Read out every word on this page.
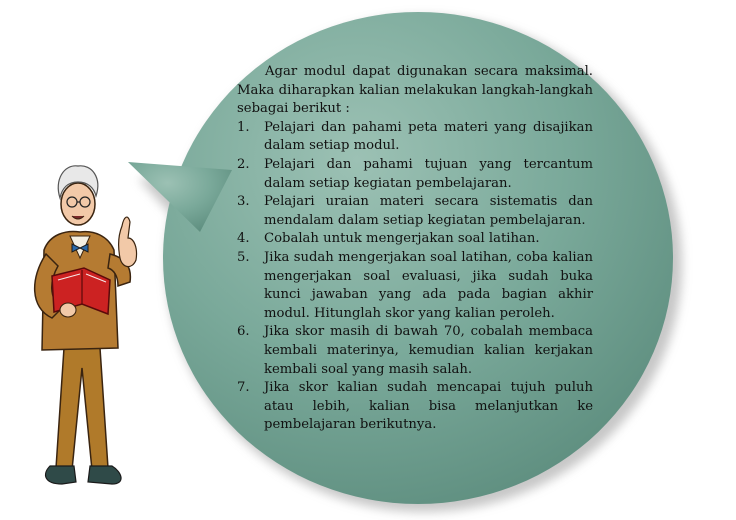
Agar modul dapat digunakan secara maksimal. Maka diharapkan kalian melakukan langkah-langkah sebagai berikut :

1. Pelajari dan pahami peta materi yang disajikan dalam setiap modul.
2. Pelajari dan pahami tujuan yang tercantum dalam setiap kegiatan pembelajaran.
3. Pelajari uraian materi secara sistematis dan mendalam dalam setiap kegiatan pembelajaran.
4. Cobalah untuk mengerjakan soal latihan.
5. Jika sudah mengerjakan soal latihan, coba kalian mengerjakan soal evaluasi, jika sudah buka kunci jawaban yang ada pada bagian akhir modul. Hitunglah skor yang kalian peroleh.
6. Jika skor masih di bawah 70, cobalah membaca kembali materinya, kemudian kalian kerjakan kembali soal yang masih salah.
7. Jika skor kalian sudah mencapai tujuh puluh atau lebih, kalian bisa melanjutkan ke pembelajaran berikutnya.
